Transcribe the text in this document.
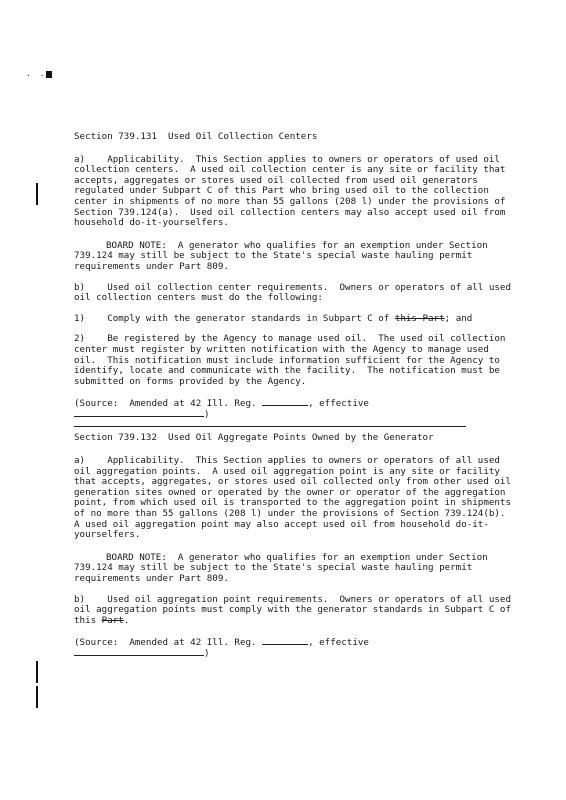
· ·

Section 739.131  Used Oil Collection Centers

a)    Applicability.  This Section applies to owners or operators of used oil collection centers.  A used oil collection center is any site or facility that accepts, aggregates or stores used oil collected from used oil generators regulated under Subpart C of this Part who bring used oil to the collection center in shipments of no more than 55 gallons (208 l) under the provisions of Section 739.124(a).  Used oil collection centers may also accept used oil from household do-it-yourselfers.

BOARD NOTE:  A generator who qualifies for an exemption under Section 739.124 may still be subject to the State's special waste hauling permit requirements under Part 809.

b)    Used oil collection center requirements.  Owners or operators of all used oil collection centers must do the following:

1)    Comply with the generator standards in Subpart C of this Part; and

2)    Be registered by the Agency to manage used oil.  The used oil collection center must register by written notification with the Agency to manage used oil.  This notification must include information sufficient for the Agency to identify, locate and communicate with the facility.  The notification must be submitted on forms provided by the Agency.

(Source:  Amended at 42 Ill. Reg.	, effective

)

Section 739.132  Used Oil Aggregate Points Owned by the Generator

a)    Applicability.  This Section applies to owners or operators of all used oil aggregation points.  A used oil aggregation point is any site or facility that accepts, aggregates, or stores used oil collected only from other used oil generation sites owned or operated by the owner or operator of the aggregation point, from which used oil is transported to the aggregation point in shipments of no more than 55 gallons (208 l) under the provisions of Section 739.124(b).  A used oil aggregation point may also accept used oil from household do-it-yourselfers.

BOARD NOTE:  A generator who qualifies for an exemption under Section 739.124 may still be subject to the State's special waste hauling permit requirements under Part 809.

b)    Used oil aggregation point requirements.  Owners or operators of all used oil aggregation points must comply with the generator standards in Subpart C of this Part.

(Source:  Amended at 42 Ill. Reg.	, effective

)
